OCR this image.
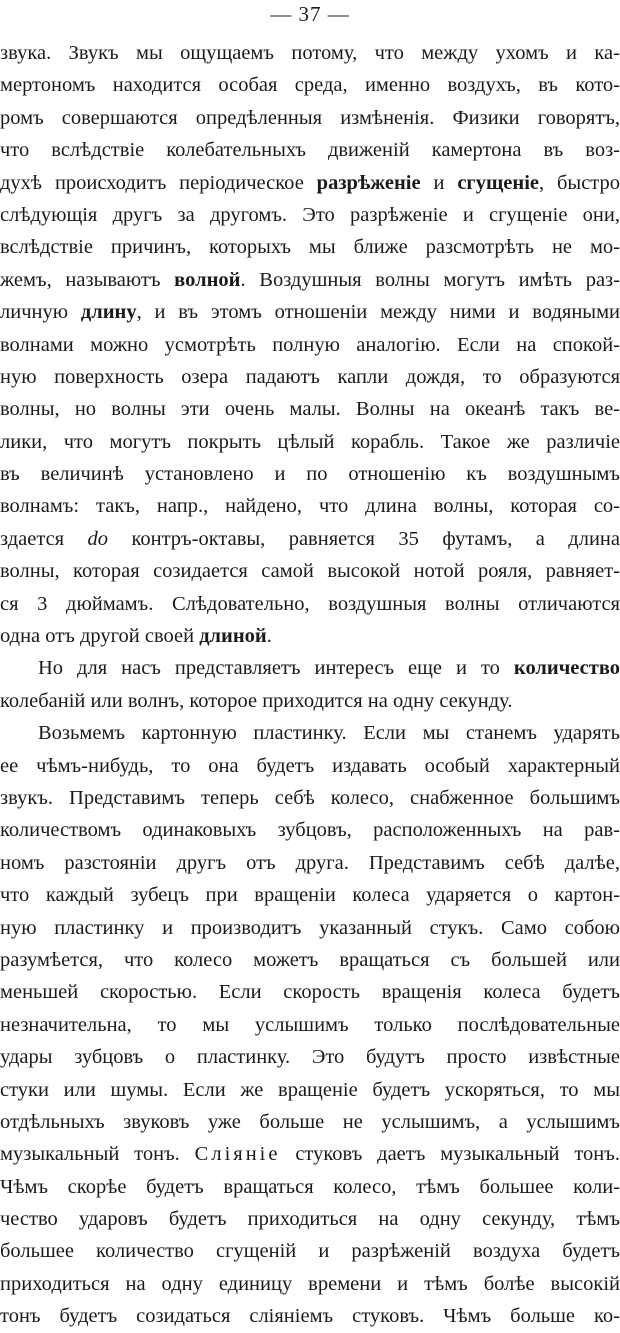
— 37 —
звука. Звукъ мы ощущаемъ потому, что между ухомъ и ка-
мертономъ находится особая среда, именно воздухъ, въ кото-
ромъ совершаются опредѣленныя измѣненія. Физики говорятъ,
что вслѣдствіе колебательныхъ движеній камертона въ воз-
духѣ происходитъ періодическое разрѣженіе и сгущеніе, быстро
слѣдующія другъ за другомъ. Это разрѣженіе и сгущеніе они,
вслѣдствіе причинъ, которыхъ мы ближе разсмотрѣть не мо-
жемъ, называютъ волной. Воздушныя волны могутъ имѣть раз-
личную длину, и въ этомъ отношеніи между ними и водяными
волнами можно усмотрѣть полную аналогію. Если на спокой-
ную поверхность озера падаютъ капли дождя, то образуются
волны, но волны эти очень малы. Волны на океанѣ такъ ве-
лики, что могутъ покрыть цѣлый корабль. Такое же различіе
въ величинѣ установлено и по отношенію къ воздушнымъ
волнамъ: такъ, напр., найдено, что длина волны, которая со-
здается do контръ-октавы, равняется 35 футамъ, а длина
волны, которая созидается самой высокой нотой рояля, равняет-
ся 3 дюймамъ. Слѣдовательно, воздушныя волны отличаются
одна отъ другой своей длиной.
Но для насъ представляетъ интересъ еще и то количество
колебаній или волнъ, которое приходится на одну секунду.
Возьмемъ картонную пластинку. Если мы станемъ ударять
ее чѣмъ-нибудь, то она будетъ издавать особый характерный
звукъ. Представимъ теперь себѣ колесо, снабженное большимъ
количествомъ одинаковыхъ зубцовъ, расположенныхъ на рав-
номъ разстояніи другъ отъ друга. Представимъ себѣ далѣе,
что каждый зубецъ при вращеніи колеса ударяется о картон-
ную пластинку и производитъ указанный стукъ. Само собою
разумѣется, что колесо можетъ вращаться съ большей или
меньшей скоростью. Если скорость вращенія колеса будетъ
незначительна, то мы услышимъ только послѣдовательные
удары зубцовъ о пластинку. Это будутъ просто извѣстные
стуки или шумы. Если же вращеніе будетъ ускоряться, то мы
отдѣльныхъ звуковъ уже больше не услышимъ, а услышимъ
музыкальный тонъ. Сліяніе стуковъ даетъ музыкальный тонъ.
Чѣмъ скорѣе будетъ вращаться колесо, тѣмъ большее коли-
чество ударовъ будетъ приходиться на одну секунду, тѣмъ
большее количество сгущеній и разрѣженій воздуха будетъ
приходиться на одну единицу времени и тѣмъ болѣе высокій
тонъ будетъ созидаться сліяніемъ стуковъ. Чѣмъ больше ко-
